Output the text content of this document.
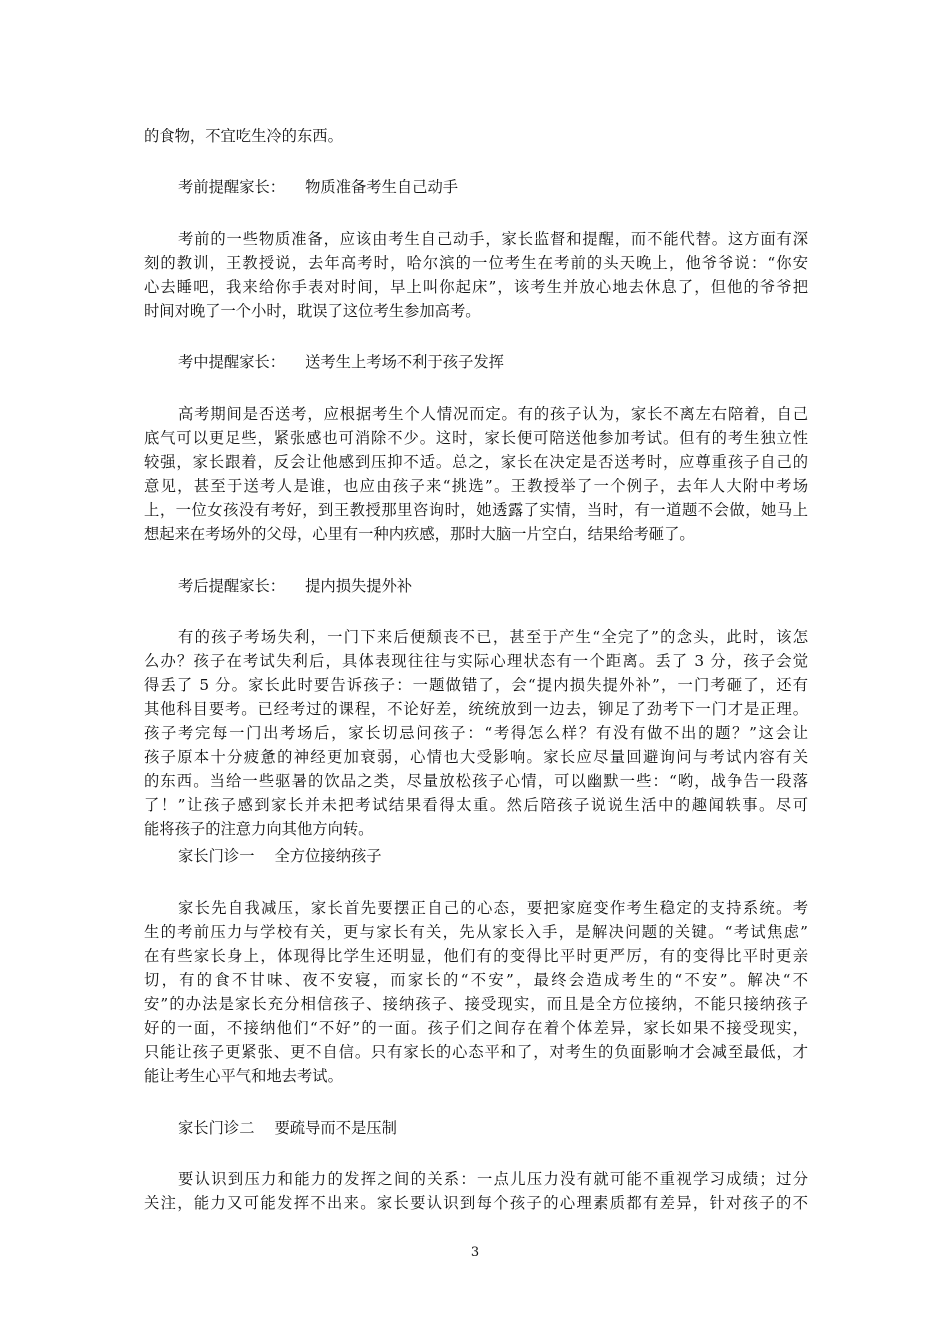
的食物，不宜吃生冷的东西。
考前提醒家长： 物质准备考生自己动手
考前的一些物质准备，应该由考生自己动手，家长监督和提醒，而不能代替。这方面有深
刻的教训，王教授说，去年高考时，哈尔滨的一位考生在考前的头天晚上，他爷爷说：“你安
心去睡吧，我来给你手表对时间，早上叫你起床”，该考生并放心地去休息了，但他的爷爷把
时间对晚了一个小时，耽误了这位考生参加高考。
考中提醒家长： 送考生上考场不利于孩子发挥
高考期间是否送考，应根据考生个人情况而定。有的孩子认为，家长不离左右陪着，自己
底气可以更足些，紧张感也可消除不少。这时，家长便可陪送他参加考试。但有的考生独立性
较强，家长跟着，反会让他感到压抑不适。总之，家长在决定是否送考时，应尊重孩子自己的
意见，甚至于送考人是谁，也应由孩子来“挑选”。王教授举了一个例子，去年人大附中考场
上，一位女孩没有考好，到王教授那里咨询时，她透露了实情，当时，有一道题不会做，她马上
想起来在考场外的父母，心里有一种内疚感，那时大脑一片空白，结果给考砸了。
考后提醒家长： 提内损失提外补
有的孩子考场失利，一门下来后便颓丧不已，甚至于产生“全完了”的念头，此时，该怎
么办？孩子在考试失利后，具体表现往往与实际心理状态有一个距离。丢了 3 分，孩子会觉
得丢了 5 分。家长此时要告诉孩子：一题做错了，会“提内损失提外补”，一门考砸了，还有
其他科目要考。已经考过的课程，不论好差，统统放到一边去，铆足了劲考下一门才是正理。
孩子考完每一门出考场后，家长切忌问孩子：“考得怎么样？有没有做不出的题？”这会让
孩子原本十分疲惫的神经更加衰弱，心情也大受影响。家长应尽量回避询问与考试内容有关
的东西。当给一些驱暑的饮品之类，尽量放松孩子心情，可以幽默一些：“哟，战争告一段落
了！”让孩子感到家长并未把考试结果看得太重。然后陪孩子说说生活中的趣闻轶事。尽可
能将孩子的注意力向其他方向转。
家长门诊一 全方位接纳孩子
家长先自我减压，家长首先要摆正自己的心态，要把家庭变作考生稳定的支持系统。考
生的考前压力与学校有关，更与家长有关，先从家长入手，是解决问题的关键。“考试焦虑”
在有些家长身上，体现得比学生还明显，他们有的变得比平时更严厉，有的变得比平时更亲
切，有的食不甘味、夜不安寝，而家长的“不安”，最终会造成考生的“不安”。解决“不
安”的办法是家长充分相信孩子、接纳孩子、接受现实，而且是全方位接纳，不能只接纳孩子
好的一面，不接纳他们“不好”的一面。孩子们之间存在着个体差异，家长如果不接受现实，
只能让孩子更紧张、更不自信。只有家长的心态平和了，对考生的负面影响才会减至最低，才
能让考生心平气和地去考试。
家长门诊二 要疏导而不是压制
要认识到压力和能力的发挥之间的关系：一点儿压力没有就可能不重视学习成绩；过分
关注，能力又可能发挥不出来。家长要认识到每个孩子的心理素质都有差异，针对孩子的不
3
